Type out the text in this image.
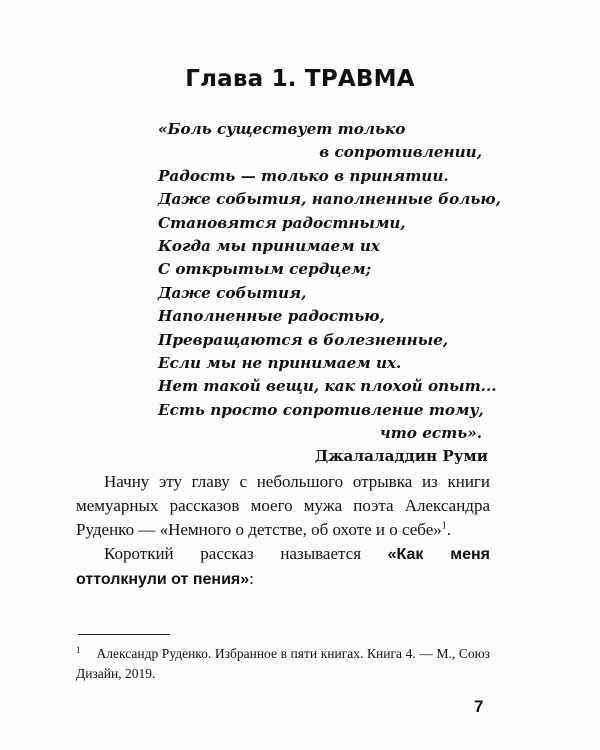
Глава 1. ТРАВМА
«Боль существует только
в сопротивлении,
Радость — только в принятии.
Даже события, наполненные болью,
Становятся радостными,
Когда мы принимаем их
С открытым сердцем;
Даже события,
Наполненные радостью,
Превращаются в болезненные,
Если мы не принимаем их.
Нет такой вещи, как плохой опыт...
Есть просто сопротивление тому,
что есть».
Джалаладдин Руми

Начну эту главу с небольшого отрывка из книги мемуарных рассказов моего мужа поэта Александра Руденко — «Немного о детстве, об охоте и о себе»$^1$.

Короткий рассказ называется «Как меня оттолкнули от пения»:

$^1$ Александр Руденко. Избранное в пяти книгах. Книга 4. — М., Союз Дизайн, 2019.
7
